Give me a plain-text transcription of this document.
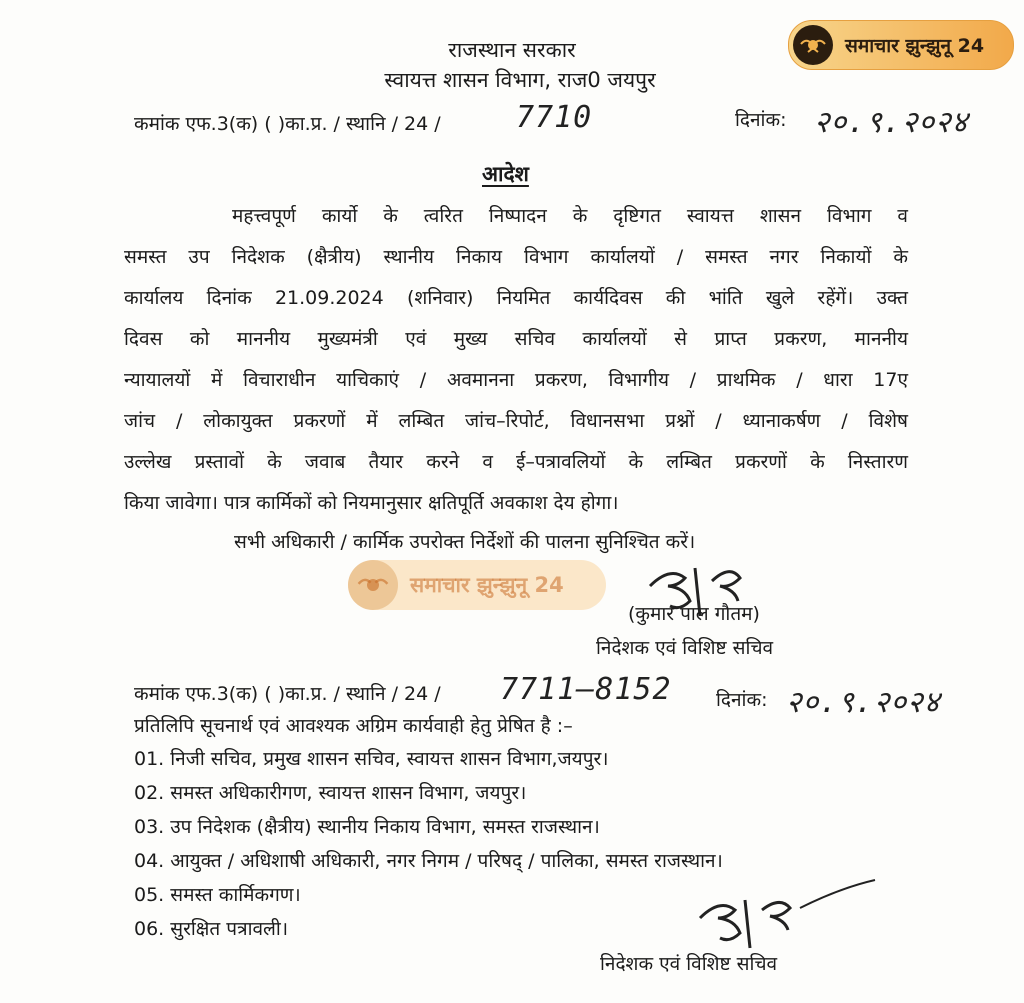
समाचार झुन्झुनू 24
राजस्थान सरकार
स्वायत्त शासन विभाग, राज0 जयपुर
कमांक एफ.3(क) ( )का.प्र. / स्थानि / 24 /	7710	दिनांक: २०.९.२०२४
आदेश
महत्त्वपूर्ण कार्यो के त्वरित निष्पादन के दृष्टिगत स्वायत्त शासन विभाग व
समस्त उप निदेशक (क्षैत्रीय) स्थानीय निकाय विभाग कार्यालयों / समस्त नगर निकायों के
कार्यालय दिनांक 21.09.2024 (शनिवार) नियमित कार्यदिवस की भांति खुले रहेंगें। उक्त
दिवस को माननीय मुख्यमंत्री एवं मुख्य सचिव कार्यालयों से प्राप्त प्रकरण, माननीय
न्यायालयों में विचाराधीन याचिकाएं / अवमानना प्रकरण, विभागीय / प्राथमिक / धारा 17ए
जांच / लोकायुक्त प्रकरणों में लम्बित जांच–रिपोर्ट, विधानसभा प्रश्नों / ध्यानाकर्षण / विशेष
उल्लेख प्रस्तावों के जवाब तैयार करने व ई–पत्रावलियों के लम्बित प्रकरणों के निस्तारण
किया जावेगा। पात्र कार्मिकों को नियमानुसार क्षतिपूर्ति अवकाश देय होगा।
सभी अधिकारी / कार्मिक उपरोक्त निर्देशों की पालना सुनिश्चित करें।
समाचार झुन्झुनू 24
(कुमार पाल गौतम)
निदेशक एवं विशिष्ट सचिव
कमांक एफ.3(क) ( )का.प्र. / स्थानि / 24 / 7711–8152 दिनांक: २०.९.२०२४
प्रतिलिपि सूचनार्थ एवं आवश्यक अग्रिम कार्यवाही हेतु प्रेषित है :–
01. निजी सचिव, प्रमुख शासन सचिव, स्वायत्त शासन विभाग,जयपुर।
02. समस्त अधिकारीगण, स्वायत्त शासन विभाग, जयपुर।
03. उप निदेशक (क्षैत्रीय) स्थानीय निकाय विभाग, समस्त राजस्थान।
04. आयुक्त / अधिशाषी अधिकारी, नगर निगम / परिषद् / पालिका, समस्त राजस्थान।
05. समस्त कार्मिकगण।
06. सुरक्षित पत्रावली।
निदेशक एवं विशिष्ट सचिव
